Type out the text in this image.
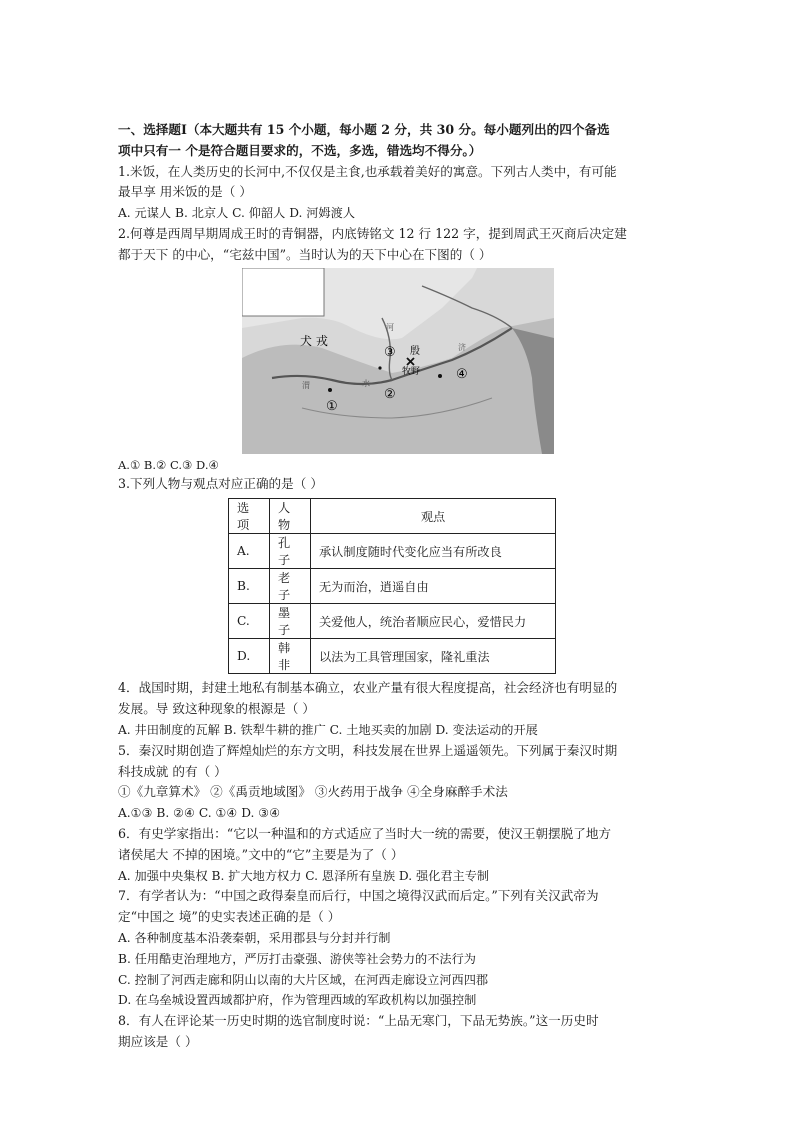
一、选择题Ⅰ（本大题共有 15 个小题，每小题 2 分，共 30 分。每小题列出的四个备选
项中只有一 个是符合题目要求的，不选，多选，错选均不得分。）
1.米饭，在人类历史的长河中,不仅仅是主食,也承载着美好的寓意。下列古人类中，有可能
最早享 用米饭的是（ ）
A. 元谋人 B. 北京人 C. 仰韶人 D. 河姆渡人
2.何尊是西周早期周成王时的青铜器，内底铸铭文 12 行 122 字，提到周武王灭商后决定建
都于天下 的中心，“宅兹中国”。当时认为的天下中心在下图的（ ）
犬 戎
殷
牧野
③
②
④
①
河
渭
济
水
A.① B.② C.③ D.④
3.下列人物与观点对应正确的是（ ）
选项	人物	观点
A.	孔子	承认制度随时代变化应当有所改良
B.	老子	无为而治，逍遥自由
C.	墨子	关爱他人，统治者顺应民心，爱惜民力
D.	韩非	以法为工具管理国家，隆礼重法
4．战国时期，封建土地私有制基本确立，农业产量有很大程度提高，社会经济也有明显的
发展。导 致这种现象的根源是（ ）
A. 井田制度的瓦解 B. 铁犁牛耕的推广 C. 土地买卖的加剧 D. 变法运动的开展
5．秦汉时期创造了辉煌灿烂的东方文明，科技发展在世界上遥遥领先。下列属于秦汉时期
科技成就 的有（ ）
①《九章算术》 ②《禹贡地域图》 ③火药用于战争 ④全身麻醉手术法
A.①③ B. ②④ C. ①④ D. ③④
6．有史学家指出：“它以一种温和的方式适应了当时大一统的需要，使汉王朝摆脱了地方
诸侯尾大 不掉的困境。”文中的“它”主要是为了（ ）
A. 加强中央集权 B. 扩大地方权力 C. 恩泽所有皇族 D. 强化君主专制
7．有学者认为：“中国之政得秦皇而后行，中国之境得汉武而后定。”下列有关汉武帝为
定“中国之 境”的史实表述正确的是（ ）
A. 各种制度基本沿袭秦朝，采用郡县与分封并行制
B. 任用酷吏治理地方，严厉打击豪强、游侠等社会势力的不法行为
C. 控制了河西走廊和阴山以南的大片区域，在河西走廊设立河西四郡
D. 在乌垒城设置西域都护府，作为管理西域的军政机构以加强控制
8．有人在评论某一历史时期的选官制度时说：“上品无寒门，下品无势族。”这一历史时
期应该是（ ）
